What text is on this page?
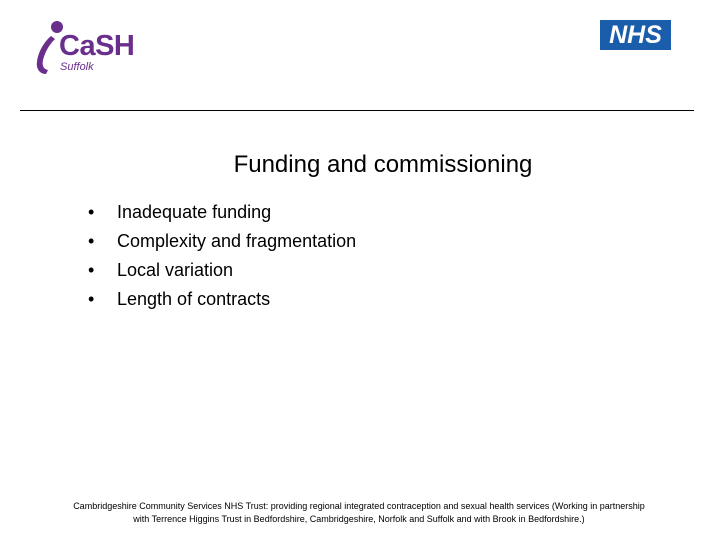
CaSH
Suffolk
NHS
Funding and commissioning
• Inadequate funding
• Complexity and fragmentation
• Local variation
• Length of contracts
Cambridgeshire Community Services NHS Trust: providing regional integrated contraception and sexual health services (Working in partnership
with Terrence Higgins Trust in Bedfordshire, Cambridgeshire, Norfolk and Suffolk and with Brook in Bedfordshire.)
